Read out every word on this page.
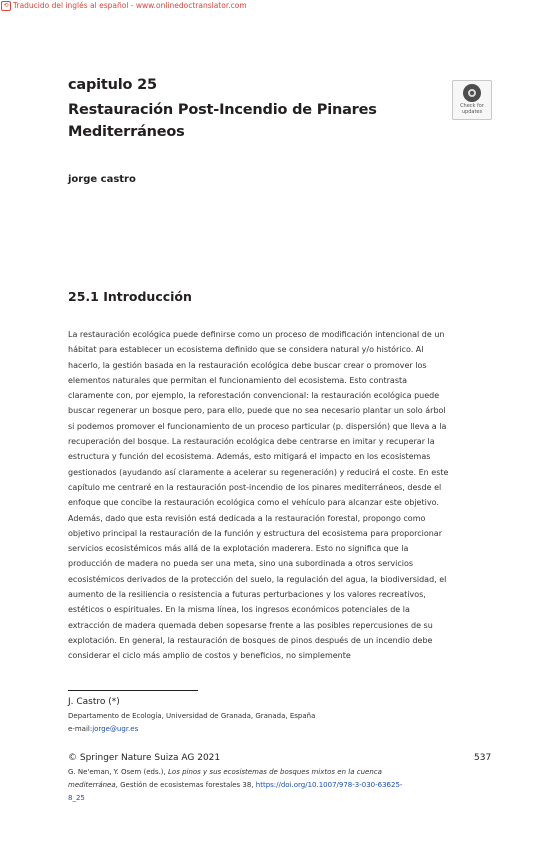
⟲ Traducido del inglés al español - www.onlinedoctranslator.com
capitulo 25
Restauración Post-Incendio de Pinares Mediterráneos
Check for updates
jorge castro
25.1 Introducción
La restauración ecológica puede definirse como un proceso de modificación intencional de un
hábitat para establecer un ecosistema definido que se considera natural y/o histórico. Al
hacerlo, la gestión basada en la restauración ecológica debe buscar crear o promover los
elementos naturales que permitan el funcionamiento del ecosistema. Esto contrasta
claramente con, por ejemplo, la reforestación convencional: la restauración ecológica puede
buscar regenerar un bosque pero, para ello, puede que no sea necesario plantar un solo árbol
si podemos promover el funcionamiento de un proceso particular (p. dispersión) que lleva a la
recuperación del bosque. La restauración ecológica debe centrarse en imitar y recuperar la
estructura y función del ecosistema. Además, esto mitigará el impacto en los ecosistemas
gestionados (ayudando así claramente a acelerar su regeneración) y reducirá el coste. En este
capítulo me centraré en la restauración post-incendio de los pinares mediterráneos, desde el
enfoque que concibe la restauración ecológica como el vehículo para alcanzar este objetivo.
Además, dado que esta revisión está dedicada a la restauración forestal, propongo como
objetivo principal la restauración de la función y estructura del ecosistema para proporcionar
servicios ecosistémicos más allá de la explotación maderera. Esto no significa que la
producción de madera no pueda ser una meta, sino una subordinada a otros servicios
ecosistémicos derivados de la protección del suelo, la regulación del agua, la biodiversidad, el
aumento de la resiliencia o resistencia a futuras perturbaciones y los valores recreativos,
estéticos o espirituales. En la misma línea, los ingresos económicos potenciales de la
extracción de madera quemada deben sopesarse frente a las posibles repercusiones de su
explotación. En general, la restauración de bosques de pinos después de un incendio debe
considerar el ciclo más amplio de costos y beneficios, no simplemente
J. Castro (*)
Departamento de Ecología, Universidad de Granada, Granada, España
e-mail:jorge@ugr.es
© Springer Nature Suiza AG 2021	537
G. Ne'eman, Y. Osem (eds.), Los pinos y sus ecosistemas de bosques mixtos en la cuenca mediterránea, Gestión de ecosistemas forestales 38, https://doi.org/10.1007/978-3-030-63625-8_25
